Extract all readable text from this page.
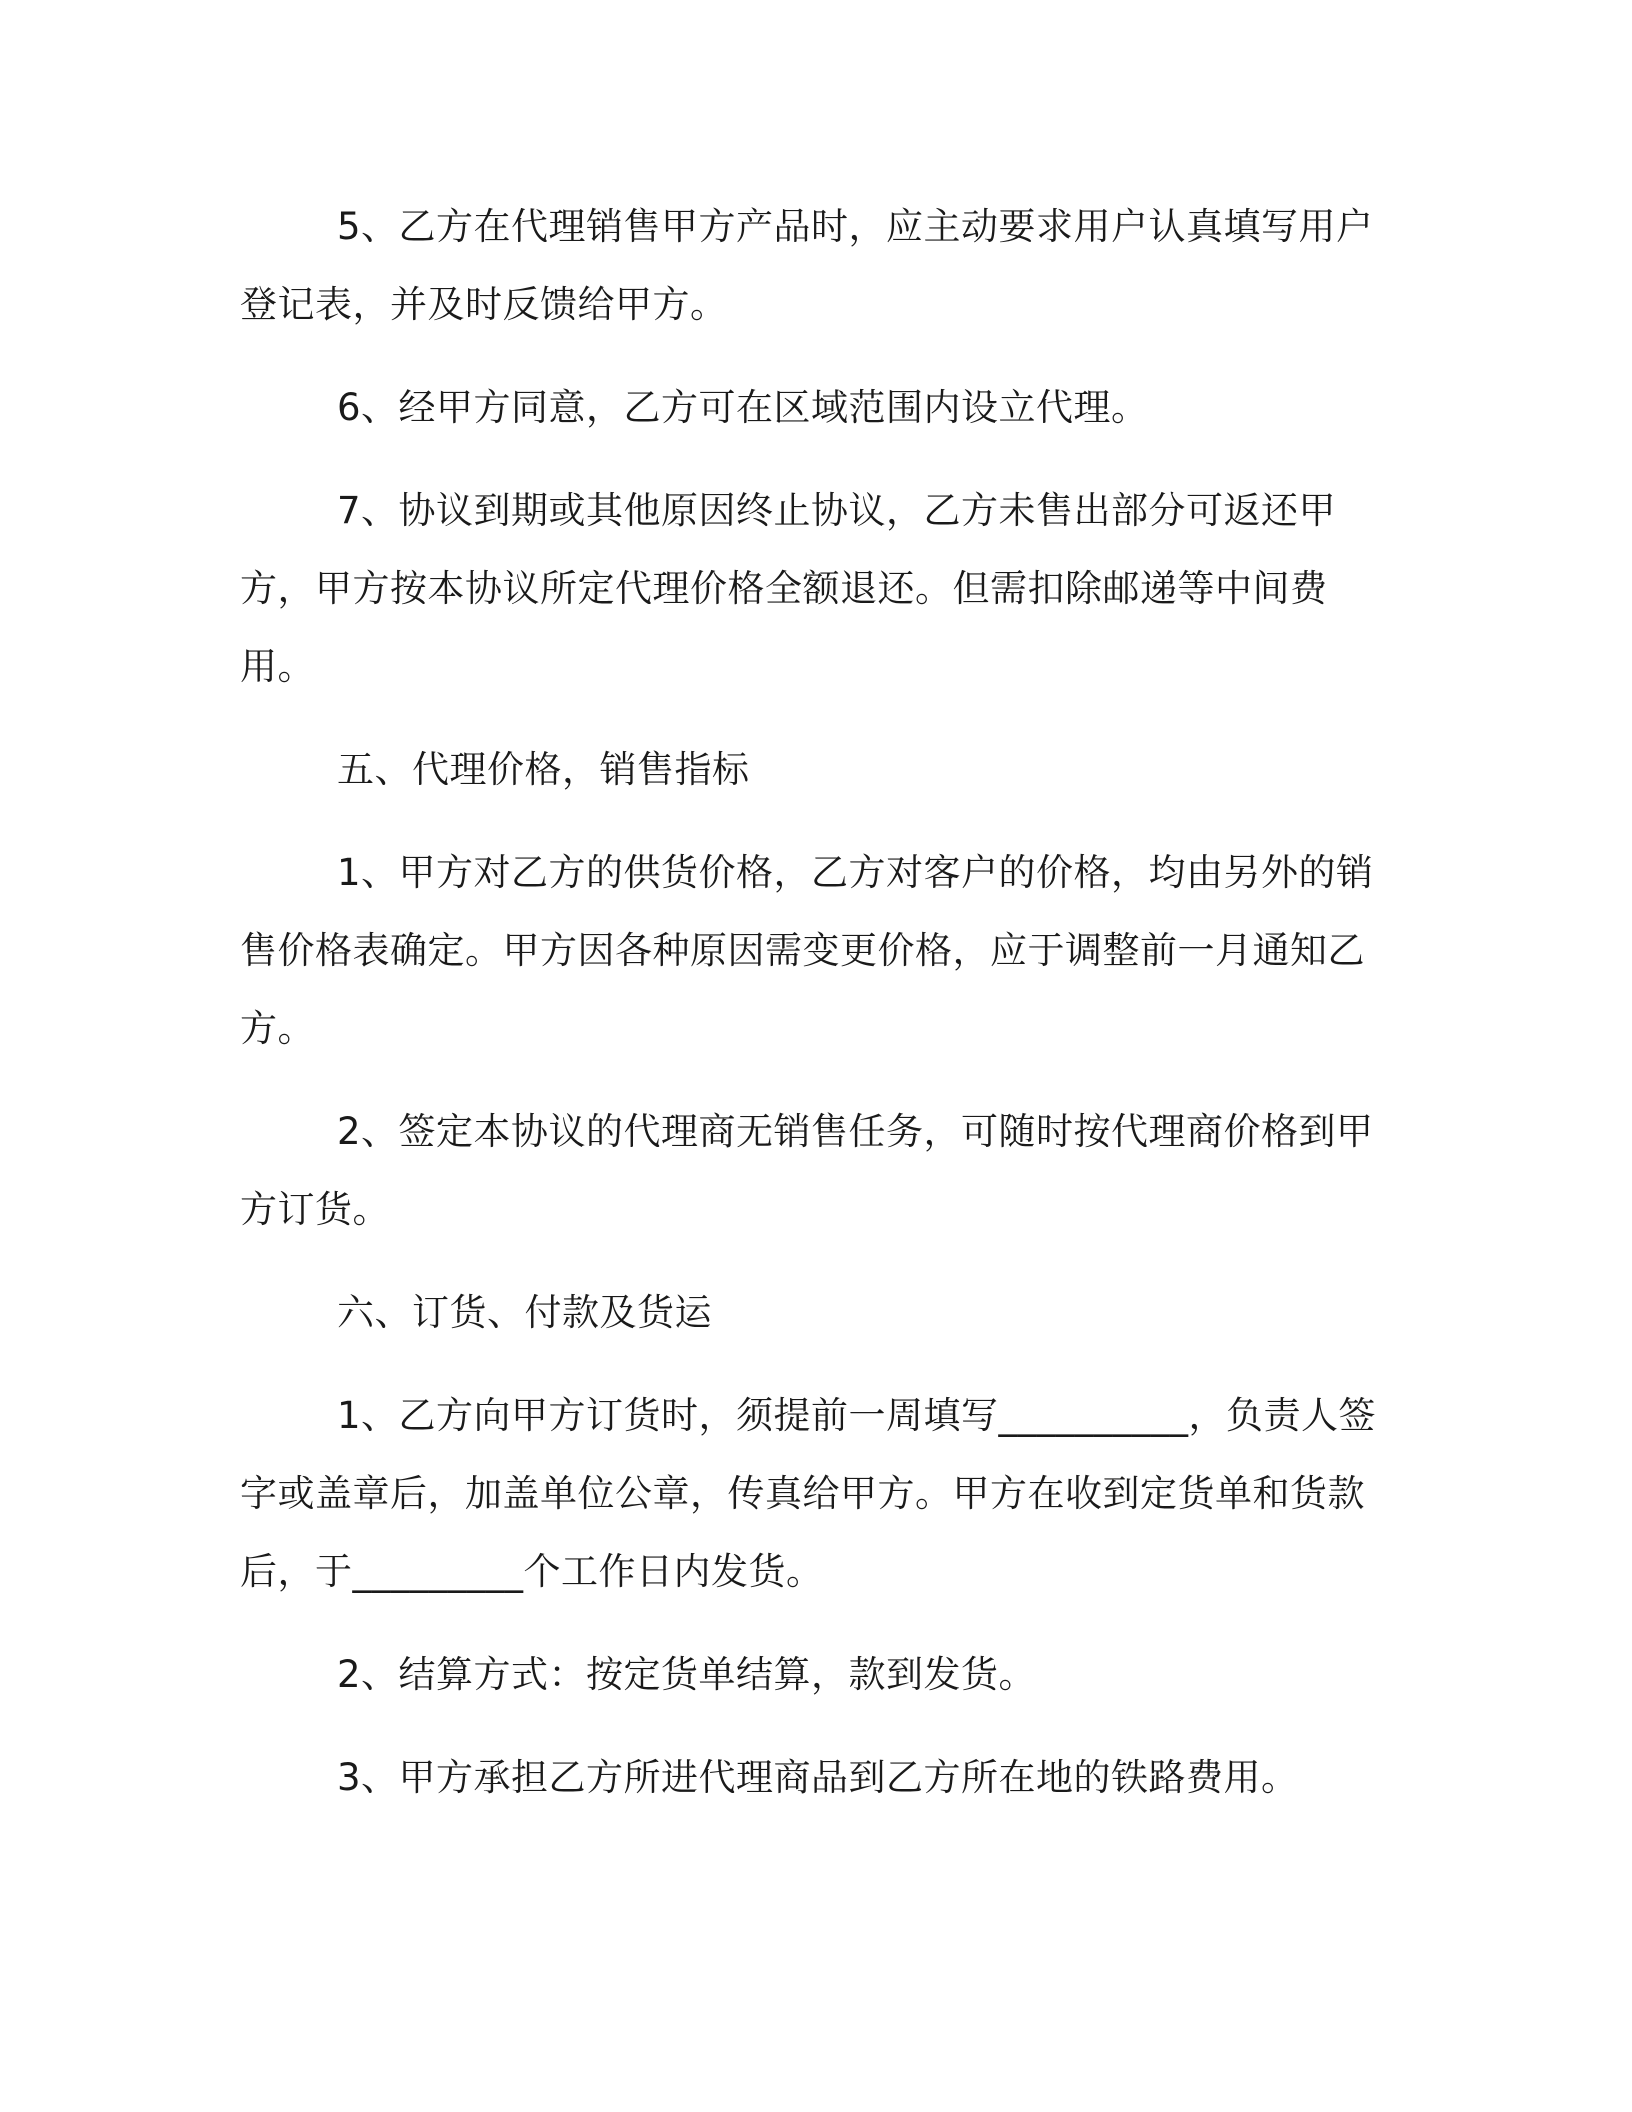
5、乙方在代理销售甲方产品时，应主动要求用户认真填写用户登记表，并及时反馈给甲方。

6、经甲方同意，乙方可在区域范围内设立代理。

7、协议到期或其他原因终止协议，乙方未售出部分可返还甲方，甲方按本协议所定代理价格全额退还。但需扣除邮递等中间费用。

五、代理价格，销售指标

1、甲方对乙方的供货价格，乙方对客户的价格，均由另外的销售价格表确定。甲方因各种原因需变更价格，应于调整前一月通知乙方。

2、签定本协议的代理商无销售任务，可随时按代理商价格到甲方订货。

六、订货、付款及货运

1、乙方向甲方订货时，须提前一周填写__________，负责人签字或盖章后，加盖单位公章，传真给甲方。甲方在收到定货单和货款后，于_________个工作日内发货。

2、结算方式：按定货单结算，款到发货。

3、甲方承担乙方所进代理商品到乙方所在地的铁路费用。
